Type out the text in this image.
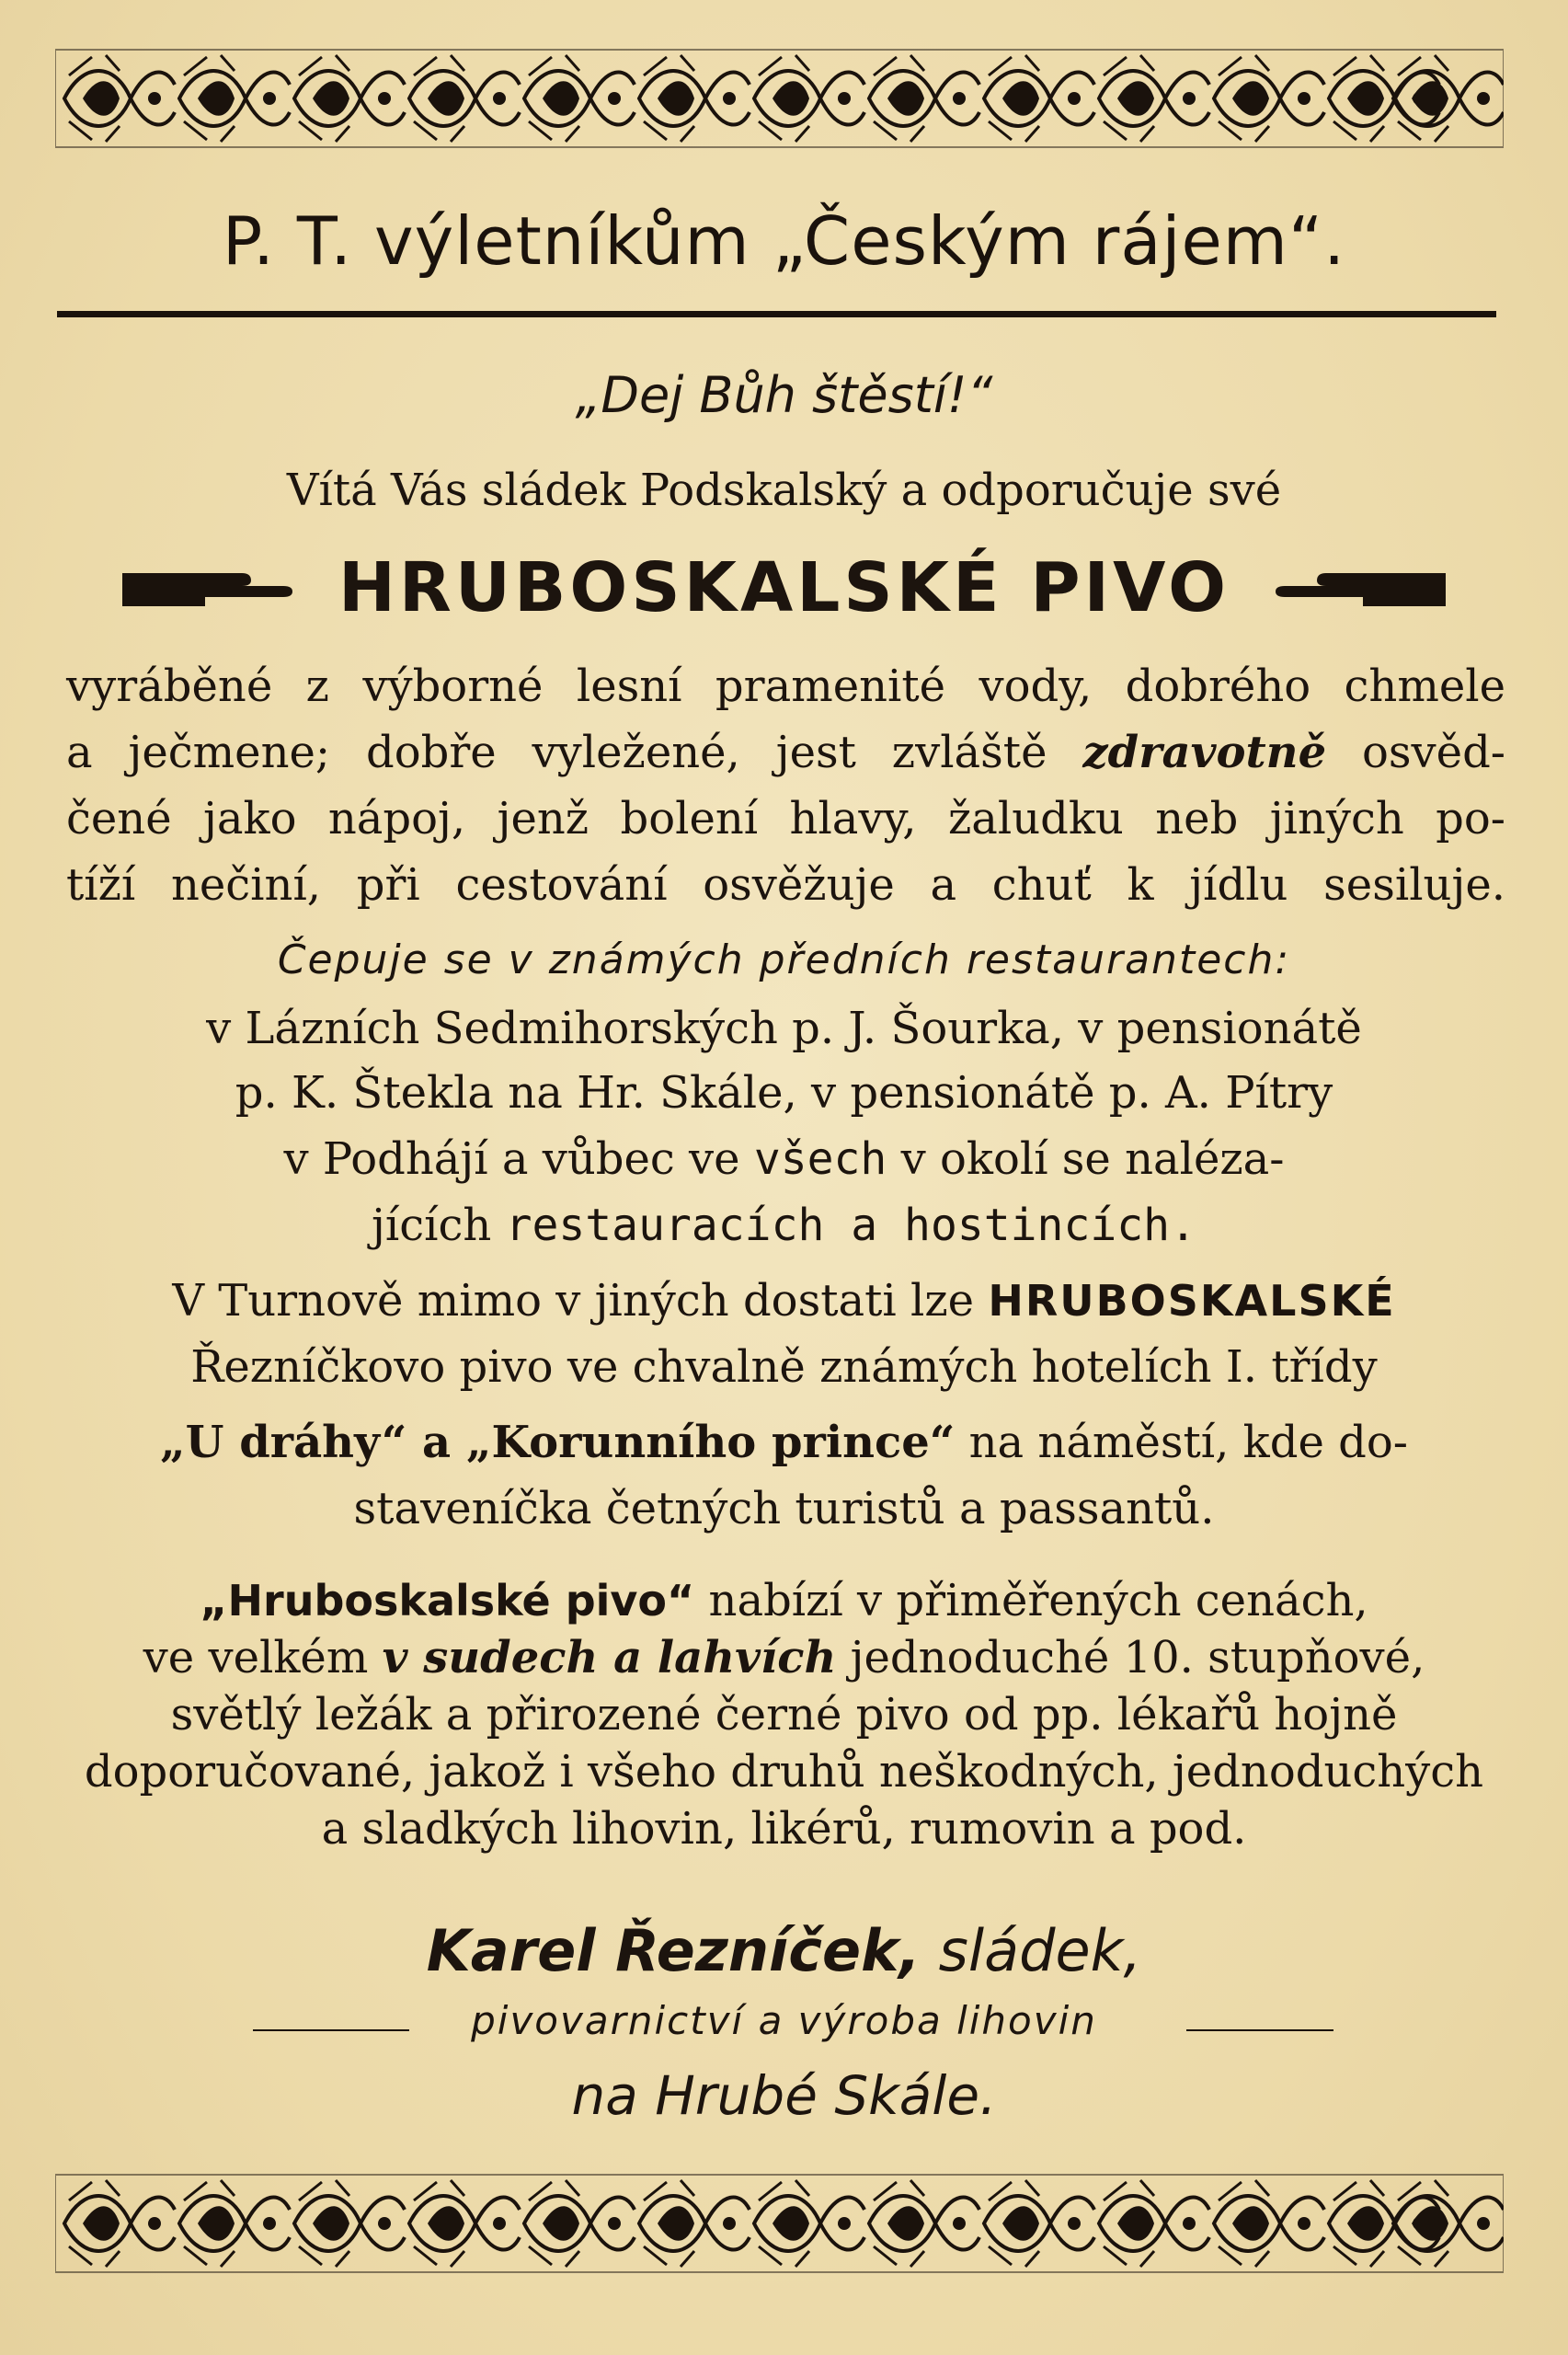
P. T. výletníkům „Českým rájem“.
„Dej Bůh štěstí!“
Vítá Vás sládek Podskalský a odporučuje své
HRUBOSKALSKÉ PIVO
vyráběné z výborné lesní pramenité vody, dobrého chmele
a ječmene; dobře vyležené, jest zvláště zdravotně osvěd-
čené jako nápoj, jenž bolení hlavy, žaludku neb jiných po-
tíží nečiní, při cestování osvěžuje a chuť k jídlu sesiluje.
Čepuje se v známých předních restaurantech:
v Lázních Sedmihorských p. J. Šourka, v pensionátě
p. K. Štekla na Hr. Skále, v pensionátě p. A. Pítry
v Podhájí a vůbec ve všech v okolí se naléza-
jících restauracích a hostincích.
V Turnově mimo v jiných dostati lze HRUBOSKALSKÉ
Řezníčkovo pivo ve chvalně známých hotelích I. třídy
„U dráhy“ a „Korunního prince“ na náměstí, kde do-
staveníčka četných turistů a passantů.
„Hruboskalské pivo“ nabízí v přiměřených cenách,
ve velkém v sudech a lahvích jednoduché 10. stupňové,
světlý ležák a přirozené černé pivo od pp. lékařů hojně
doporučované, jakož i všeho druhů neškodných, jednoduchých
a sladkých lihovin, likérů, rumovin a pod.
Karel Řezníček, sládek,
pivovarnictví a výroba lihovin
na Hrubé Skále.
